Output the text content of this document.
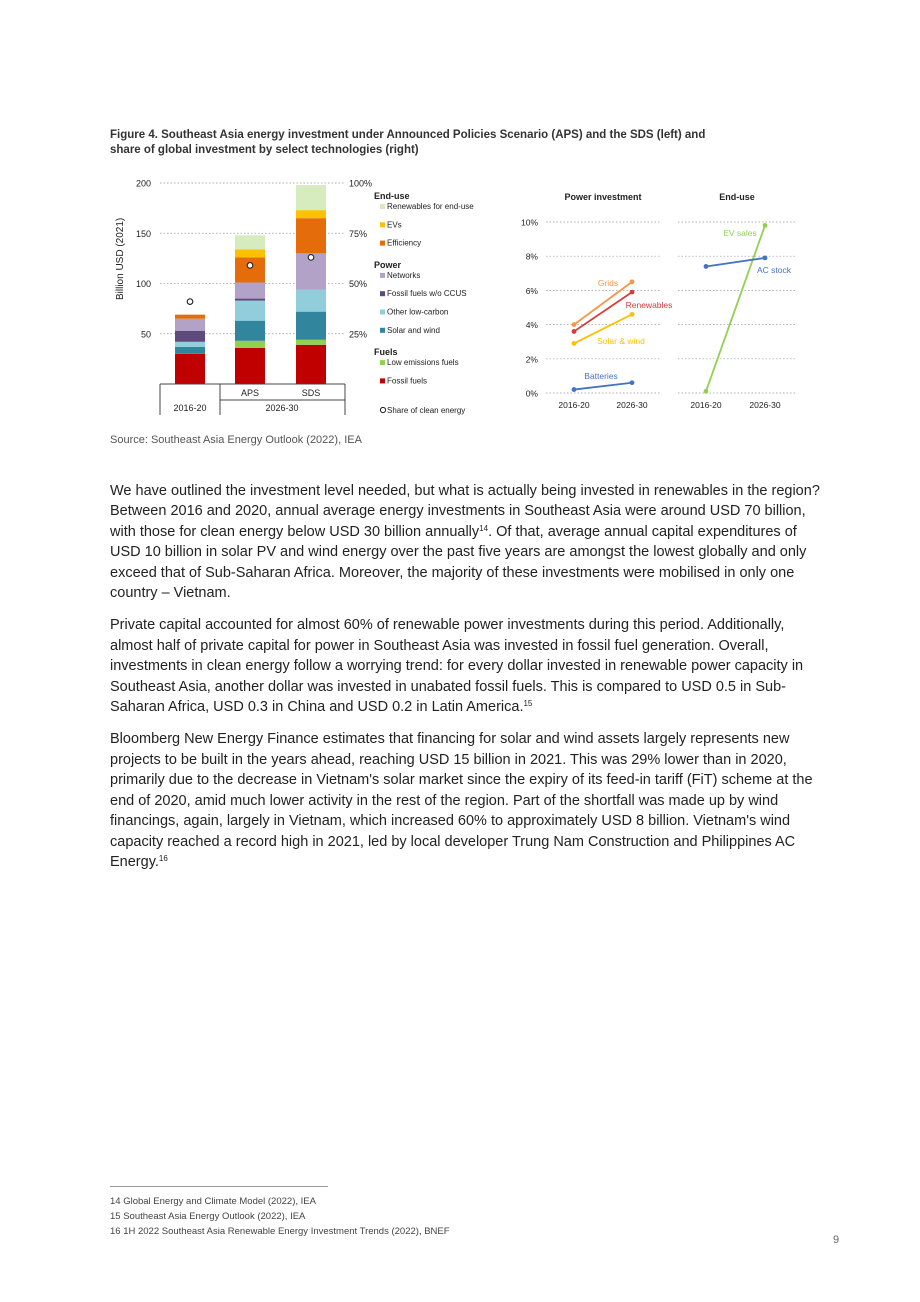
Figure 4. Southeast Asia energy investment under Announced Policies Scenario (APS) and the SDS (left) and
share of global investment by select technologies (right)
Billion USD (2021)
50
100
150
200
25%
50%
75%
100%
APS	SDS
2016-20	2026-30
End-use
Renewables for end-use
EVs
Efficiency
Power
Networks
Fossil fuels w/o CCUS
Other low-carbon
Solar and wind
Fuels
Low emissions fuels
Fossil fuels
Share of clean energy
Power investment	End-use
0%
2%
4%
6%
8%
10%
Grids
Renewables
Solar & wind
Batteries
EV sales
AC stock
2016-20	2026-30	2016-20	2026-30

Source: Southeast Asia Energy Outlook (2022), IEA

We have outlined the investment level needed, but what is actually being invested in renewables in the region? Between 2016 and 2020, annual average energy investments in Southeast Asia were around USD 70 billion, with those for clean energy below USD 30 billion annually$^{14}$. Of that, average annual capital expenditures of USD 10 billion in solar PV and wind energy over the past five years are amongst the lowest globally and only exceed that of Sub-Saharan Africa. Moreover, the majority of these investments were mobilised in only one country – Vietnam.

Private capital accounted for almost 60% of renewable power investments during this period. Additionally, almost half of private capital for power in Southeast Asia was invested in fossil fuel generation. Overall, investments in clean energy follow a worrying trend: for every dollar invested in renewable power capacity in Southeast Asia, another dollar was invested in unabated fossil fuels. This is compared to USD 0.5 in Sub-Saharan Africa, USD 0.3 in China and USD 0.2 in Latin America.$^{15}$

Bloomberg New Energy Finance estimates that financing for solar and wind assets largely represents new projects to be built in the years ahead, reaching USD 15 billion in 2021. This was 29% lower than in 2020, primarily due to the decrease in Vietnam's solar market since the expiry of its feed-in tariff (FiT) scheme at the end of 2020, amid much lower activity in the rest of the region. Part of the shortfall was made up by wind financings, again, largely in Vietnam, which increased 60% to approximately USD 8 billion. Vietnam's wind capacity reached a record high in 2021, led by local developer Trung Nam Construction and Philippines AC Energy.$^{16}$

14 Global Energy and Climate Model (2022), IEA
15 Southeast Asia Energy Outlook (2022), IEA
16 1H 2022 Southeast Asia Renewable Energy Investment Trends (2022), BNEF
9
